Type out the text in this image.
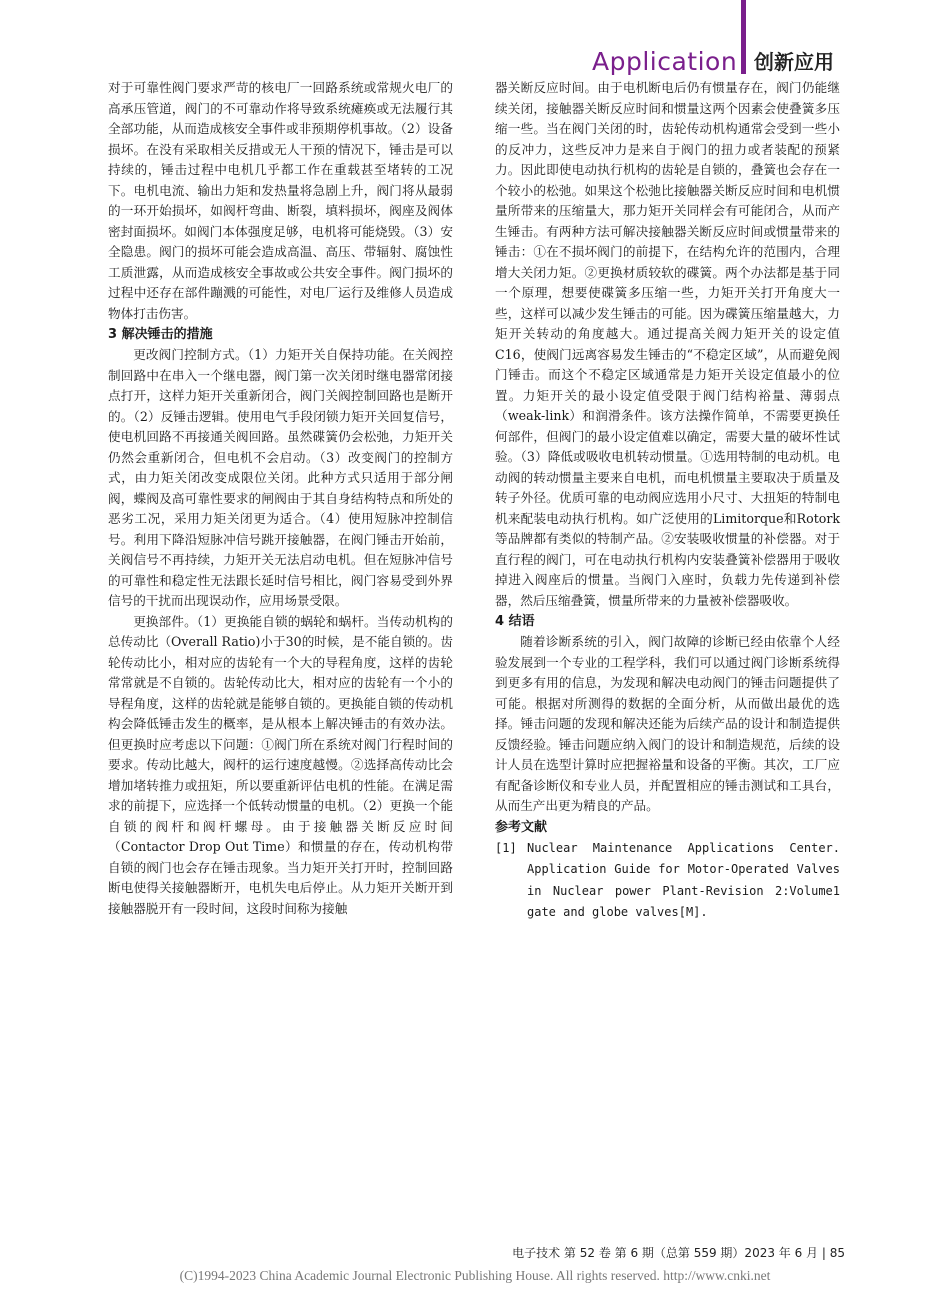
Application 创新应用

对于可靠性阀门要求严苛的核电厂一回路系统或常规火电厂的高承压管道，阀门的不可靠动作将导致系统瘫痪或无法履行其全部功能，从而造成核安全事件或非预期停机事故。（2）设备损坏。在没有采取相关反措或无人干预的情况下，锤击是可以持续的，锤击过程中电机几乎都工作在重载甚至堵转的工况下。电机电流、输出力矩和发热量将急剧上升，阀门将从最弱的一环开始损坏，如阀杆弯曲、断裂，填料损坏，阀座及阀体密封面损坏。如阀门本体强度足够，电机将可能烧毁。（3）安全隐患。阀门的损坏可能会造成高温、高压、带辐射、腐蚀性工质泄露，从而造成核安全事故或公共安全事件。阀门损坏的过程中还存在部件蹦溅的可能性，对电厂运行及维修人员造成物体打击伤害。

3 解决锤击的措施

更改阀门控制方式。（1）力矩开关自保持功能。在关阀控制回路中在串入一个继电器，阀门第一次关闭时继电器常闭接点打开，这样力矩开关重新闭合，阀门关阀控制回路也是断开的。（2）反锤击逻辑。使用电气手段闭锁力矩开关回复信号，使电机回路不再接通关阀回路。虽然碟簧仍会松弛，力矩开关仍然会重新闭合，但电机不会启动。（3）改变阀门的控制方式，由力矩关闭改变成限位关闭。此种方式只适用于部分闸阀，蝶阀及高可靠性要求的闸阀由于其自身结构特点和所处的恶劣工况，采用力矩关闭更为适合。（4）使用短脉冲控制信号。利用下降沿短脉冲信号跳开接触器，在阀门锤击开始前，关阀信号不再持续，力矩开关无法启动电机。但在短脉冲信号的可靠性和稳定性无法跟长延时信号相比，阀门容易受到外界信号的干扰而出现误动作，应用场景受限。

更换部件。（1）更换能自锁的蜗轮和蜗杆。当传动机构的总传动比（Overall Ratio)小于30的时候，是不能自锁的。齿轮传动比小，相对应的齿轮有一个大的导程角度，这样的齿轮常常就是不自锁的。齿轮传动比大，相对应的齿轮有一个小的导程角度，这样的齿轮就是能够自锁的。更换能自锁的传动机构会降低锤击发生的概率，是从根本上解决锤击的有效办法。但更换时应考虑以下问题：①阀门所在系统对阀门行程时间的要求。传动比越大，阀杆的运行速度越慢。②选择高传动比会增加堵转推力或扭矩，所以要重新评估电机的性能。在满足需求的前提下，应选择一个低转动惯量的电机。（2）更换一个能自锁的阀杆和阀杆螺母。由于接触器关断反应时间（Contactor Drop Out Time）和惯量的存在，传动机构带自锁的阀门也会存在锤击现象。当力矩开关打开时，控制回路断电使得关接触器断开，电机失电后停止。从力矩开关断开到接触器脱开有一段时间，这段时间称为接触

器关断反应时间。由于电机断电后仍有惯量存在，阀门仍能继续关闭，接触器关断反应时间和惯量这两个因素会使叠簧多压缩一些。当在阀门关闭的时，齿轮传动机构通常会受到一些小的反冲力，这些反冲力是来自于阀门的扭力或者装配的预紧力。因此即使电动执行机构的齿轮是自锁的，叠簧也会存在一个较小的松弛。如果这个松弛比接触器关断反应时间和电机惯量所带来的压缩量大，那力矩开关同样会有可能闭合，从而产生锤击。有两种方法可解决接触器关断反应时间或惯量带来的锤击：①在不损坏阀门的前提下，在结构允许的范围内，合理增大关闭力矩。②更换材质较软的碟簧。两个办法都是基于同一个原理，想要使碟簧多压缩一些，力矩开关打开角度大一些，这样可以减少发生锤击的可能。因为碟簧压缩量越大，力矩开关转动的角度越大。通过提高关阀力矩开关的设定值C16，使阀门远离容易发生锤击的“不稳定区域”，从而避免阀门锤击。而这个不稳定区域通常是力矩开关设定值最小的位置。力矩开关的最小设定值受限于阀门结构裕量、薄弱点（weak-link）和润滑条件。该方法操作简单，不需要更换任何部件，但阀门的最小设定值难以确定，需要大量的破坏性试验。（3）降低或吸收电机转动惯量。①选用特制的电动机。电动阀的转动惯量主要来自电机，而电机惯量主要取决于质量及转子外径。优质可靠的电动阀应选用小尺寸、大扭矩的特制电机来配装电动执行机构。如广泛使用的Limitorque和Rotork等品牌都有类似的特制产品。②安装吸收惯量的补偿器。对于直行程的阀门，可在电动执行机构内安装叠簧补偿器用于吸收掉进入阀座后的惯量。当阀门入座时，负载力先传递到补偿器，然后压缩叠簧，惯量所带来的力量被补偿器吸收。

4 结语

随着诊断系统的引入，阀门故障的诊断已经由依靠个人经验发展到一个专业的工程学科，我们可以通过阀门诊断系统得到更多有用的信息，为发现和解决电动阀门的锤击问题提供了可能。根据对所测得的数据的全面分析，从而做出最优的选择。锤击问题的发现和解决还能为后续产品的设计和制造提供反馈经验。锤击问题应纳入阀门的设计和制造规范，后续的设计人员在选型计算时应把握裕量和设备的平衡。其次，工厂应有配备诊断仪和专业人员，并配置相应的锤击测试和工具台，从而生产出更为精良的产品。

参考文献

[1] Nuclear Maintenance Applications Center. Application Guide for Motor-Operated Valves in Nuclear power Plant-Revision 2:Volume1 gate and globe valves[M].
电子技术 第 52 卷 第 6 期（总第 559 期）2023 年 6 月 | 85
(C)1994-2023 China Academic Journal Electronic Publishing House. All rights reserved. http://www.cnki.net
